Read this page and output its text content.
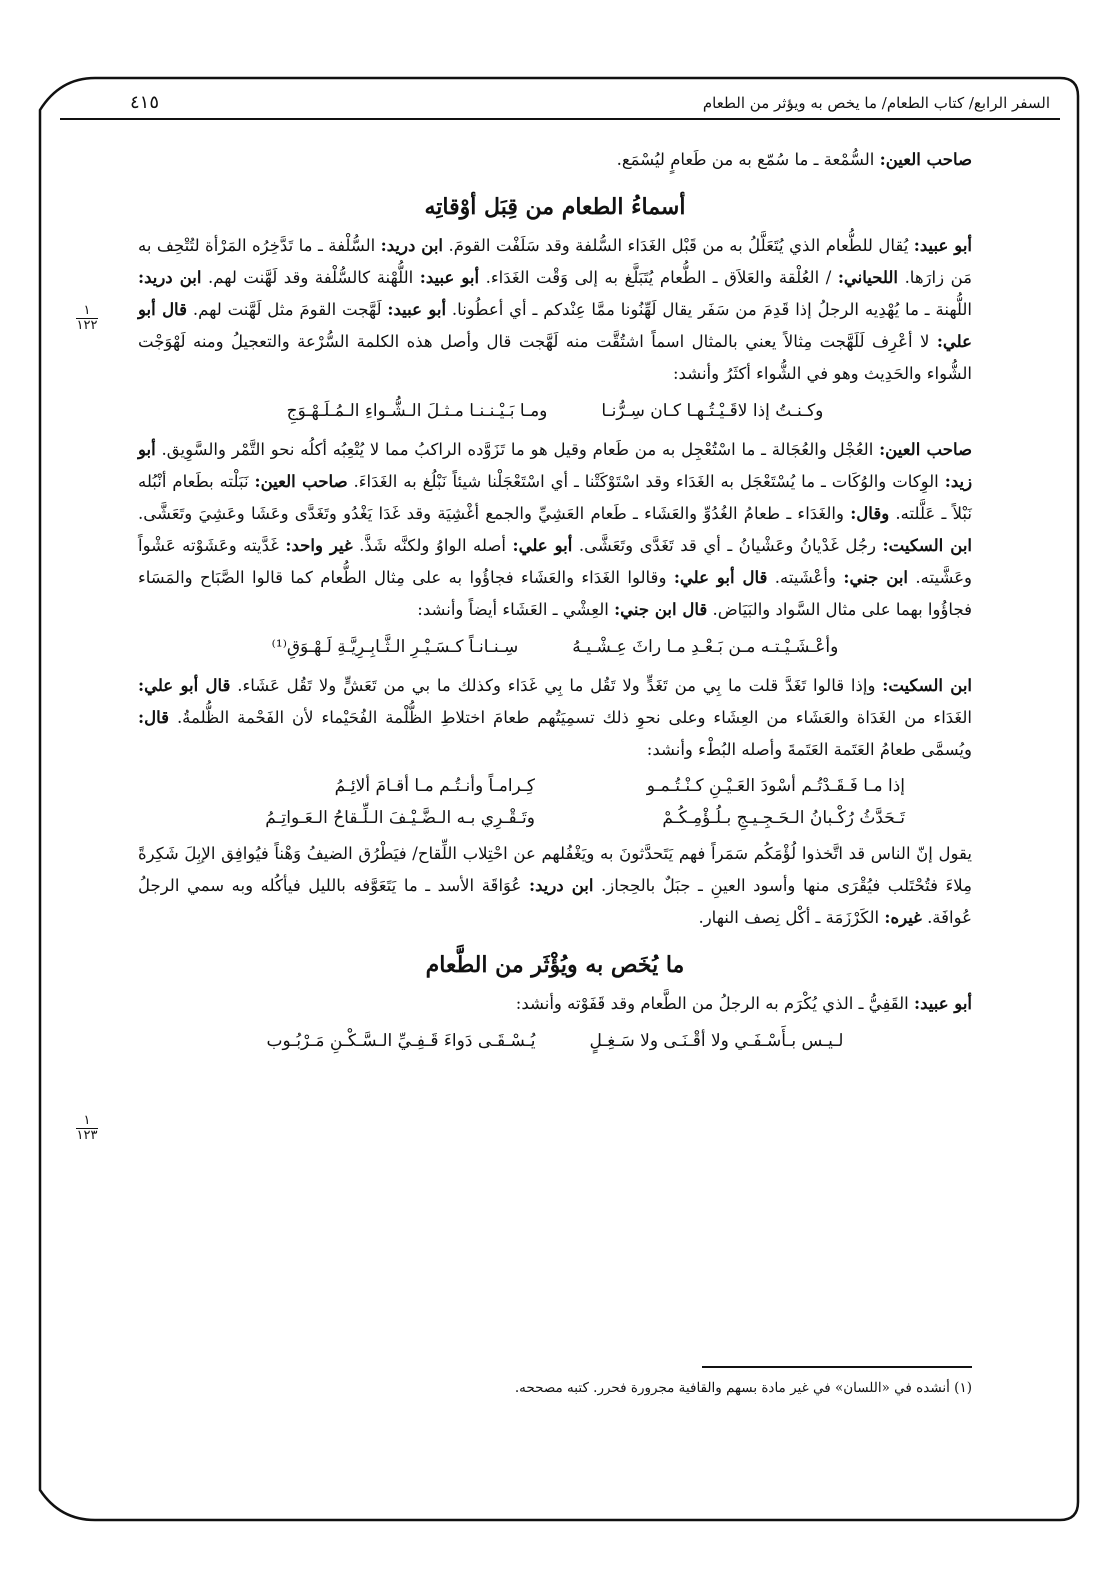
السفر الرابع/ كتاب الطعام/ ما يخص به ويؤثر من الطعام
٤١٥
١
١٢٢
١
١٢٣

صاحب العين: السُّمْعة ـ ما سُمّع به من طَعامٍ ليُسْمَع.

أسماءُ الطعام من قِبَل أوْقاتِه

أبو عبيد: يُقال للطُّعام الذي يُتَعَلَّلُ به من قَبْل الغَدَاء السُّلفة وقد سَلَفْت القومَ. ابن دريد: السُّلْفة ـ ما تَدَّخِرُه المَرْأة لتُتْحِف به مَن زارَها. اللحياني: / العُلْقة والعَلاَق ـ الطُّعام يُتَبَلَّغ به إلى وَقْت الغَدَاء. أبو عبيد: اللُّهْنة كالسُّلْفة وقد لَهَّنت لهم. ابن دريد: اللُّهنة ـ ما يُهْدِيه الرجلُ إذا قَدِمَ من سَفَر يقال لَهِّنُونا ممَّا عِنْدكم ـ أي أعطُونا. أبو عبيد: لَهَّجت القومَ مثل لَهَّنت لهم. قال أبو علي: لا أعْرِف لَلَهَّجت مِثالاً يعني بالمثال اسماً اشتُقَّت منه لَهَّجت قال وأصل هذه الكلمة السُّرْعة والتعجيلُ ومنه لَهْوَجْت الشُّواء والحَدِيث وهو في الشُّواء أكثَرُ وأنشد:

وكـنـتُ إذا لاقَـيْـتُـهـا كـان سِـرُّنـا
ومـا بَـيْـنـنـا مـثـلَ الـشُّـواءِ الـمُـلَـهْـوَجِ

صاحب العين: العُجْل والعُجَالة ـ ما اسْتُعْجِل به من طَعام وقيل هو ما تَزَوَّده الراكبُ مما لا يُتْعِبُه أكلُه نحو التَّمْر والسَّوِيق. أبو زيد: الوِكات والوُكَات ـ ما يُسْتَعْجَل به الغَدَاء وقد اسْتَوْكَتْنا ـ أي اسْتَعْجَلْنا شيئاً نَبْلُغ به الغَدَاءَ. صاحب العين: نَبَلْته بطَعام أنْبُله نَبْلاً ـ عَلَّلته. وقال: والغَدَاء ـ طعامُ الغُدُوِّ والعَشَاء ـ طَعام العَشِيِّ والجمع أغْشِيَة وقد غَدَا يَغْدُو وتَغَدَّى وعَشَا وعَشِيَ وتَعَشَّى. ابن السكيت: رجُل غَدْيانُ وعَشْيانُ ـ أي قد تَغَدَّى وتَعَشَّى. أبو علي: أصله الواوُ ولكنَّه شَذَّ. غير واحد: غَدَّيته وعَشَوْته عَشْواً وعَشَّيته. ابن جني: وأعْشَيته. قال أبو علي: وقالوا الغَدَاء والعَشَاء فجاؤُوا به على مِثال الطُّعام كما قالوا الصَّبَاح والمَسَاء فجاؤُوا بهما على مثال السَّواد والبَيَاض. قال ابن جني: العِشْي ـ العَشَاء أيضاً وأنشد:

وأعْـشَـيْـتـه مـن بَـعْـدِ مـا راثَ عِـشْـيـهُ
سِـنـانـاً كـسَـيْـرِ الـثَّـابِـرِيَّـةِ لَـهْـوَقِ⁽¹⁾

ابن السكيت: وإذا قالوا تَغَدَّ قلت ما بِي من تَغَدٍّ ولا تَقُل ما بِي غَدَاء وكذلك ما بي من تَعَشٍّ ولا تَقُل عَشَاء. قال أبو علي: الغَدَاء من الغَدَاة والعَشَاء من العِشَاء وعلى نحوِ ذلك تسمِيَتُهم طعامَ اختلاطِ الظُّلْمة الفُحَيْماء لأن الفَحْمة الظُّلمةُ. قال: ويُسمَّى طعامُ العَتَمة العَتَمةَ وأصله البُطْء وأنشد:

إذا مـا فَـقَـدْتُـم أسْودَ العَـيْـنِ كـنْـتُـمـو
كِـرامـاً وأنـتُـم مـا أقـامَ ألائِـمُ
تَـحَدَّثُ رُكْـبانُ الـحَـجِـيـجِ بـلُـؤْمِـكُـمْ
وتَـقْـرِي بـه الـضَّـيْـفَ الـلِّـقاحُ الـعَـواتِـمُ

يقول إنّ الناس قد اتَّخذوا لُؤْمَكُم سَمَراً فهم يَتَحدَّثونَ به ويَغْفُلهم عن احْتِلاب اللِّقاح/ فيَطْرُق الضيفُ وَهْناً فيُوافِق الإبِلَ شَكِرةً مِلاءَ فتُحْتَلب فيُقْرَى منها وأسود العينِ ـ جبَلٌ بالحِجاز. ابن دريد: عُوَاقَة الأسد ـ ما يَتَعَوَّفه بالليل فيأكُله وبه سمي الرجلُ عُوافَة. غيره: الكَرْزَمَة ـ أكْل نِصف النهار.

ما يُخَص به ويُؤْثَر من الطَّعام

أبو عبيد: القَفِيُّ ـ الذي يُكْرَم به الرجلُ من الطَّعام وقد قَفَوْته وأنشد:

لـيـس بـأَسْـفَـي ولا أقْـنَـى ولا سَـغِـلٍ
يُـسْـقَـى دَواءَ قَـفِـيِّ الـسَّـكْـنِ مَـرْبُـوب
(١) أنشده في «اللسان» في غير مادة بسهم والقافية مجرورة فحرر. كتبه مصححه.
